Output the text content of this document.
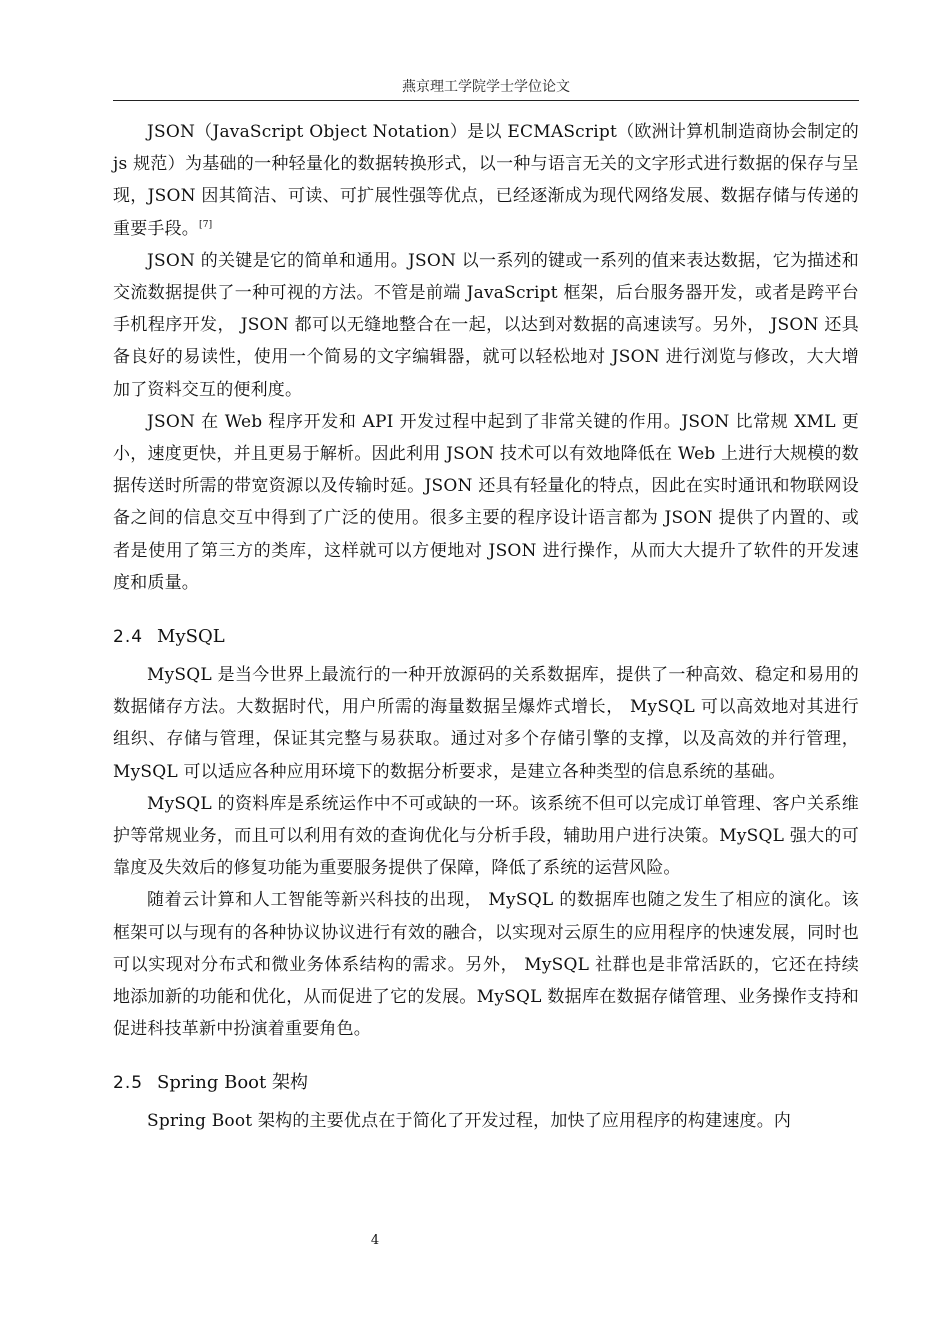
燕京理工学院学士学位论文

JSON（JavaScript Object Notation）是以 ECMAScript（欧洲计算机制造商协会制定的 js 规范）为基础的一种轻量化的数据转换形式，以一种与语言无关的文字形式进行数据的保存与呈现，JSON 因其简洁、可读、可扩展性强等优点，已经逐渐成为现代网络发展、数据存储与传递的重要手段。[7]

JSON 的关键是它的简单和通用。JSON 以一系列的键或一系列的值来表达数据，它为描述和交流数据提供了一种可视的方法。不管是前端 JavaScript 框架，后台服务器开发，或者是跨平台手机程序开发， JSON 都可以无缝地整合在一起，以达到对数据的高速读写。另外， JSON 还具备良好的易读性，使用一个简易的文字编辑器，就可以轻松地对 JSON 进行浏览与修改，大大增加了资料交互的便利度。

JSON 在 Web 程序开发和 API 开发过程中起到了非常关键的作用。JSON 比常规 XML 更小，速度更快，并且更易于解析。因此利用 JSON 技术可以有效地降低在 Web 上进行大规模的数据传送时所需的带宽资源以及传输时延。JSON 还具有轻量化的特点，因此在实时通讯和物联网设备之间的信息交互中得到了广泛的使用。很多主要的程序设计语言都为 JSON 提供了内置的、或者是使用了第三方的类库，这样就可以方便地对 JSON 进行操作，从而大大提升了软件的开发速度和质量。

2.4 MySQL

MySQL 是当今世界上最流行的一种开放源码的关系数据库，提供了一种高效、稳定和易用的数据储存方法。大数据时代，用户所需的海量数据呈爆炸式增长， MySQL 可以高效地对其进行组织、存储与管理，保证其完整与易获取。通过对多个存储引擎的支撑，以及高效的并行管理， MySQL 可以适应各种应用环境下的数据分析要求，是建立各种类型的信息系统的基础。

MySQL 的资料库是系统运作中不可或缺的一环。该系统不但可以完成订单管理、客户关系维护等常规业务，而且可以利用有效的查询优化与分析手段，辅助用户进行决策。MySQL 强大的可靠度及失效后的修复功能为重要服务提供了保障，降低了系统的运营风险。

随着云计算和人工智能等新兴科技的出现， MySQL 的数据库也随之发生了相应的演化。该框架可以与现有的各种协议协议进行有效的融合，以实现对云原生的应用程序的快速发展，同时也可以实现对分布式和微业务体系结构的需求。另外， MySQL 社群也是非常活跃的，它还在持续地添加新的功能和优化，从而促进了它的发展。MySQL 数据库在数据存储管理、业务操作支持和促进科技革新中扮演着重要角色。

2.5 Spring Boot 架构

Spring Boot 架构的主要优点在于简化了开发过程，加快了应用程序的构建速度。内

4
